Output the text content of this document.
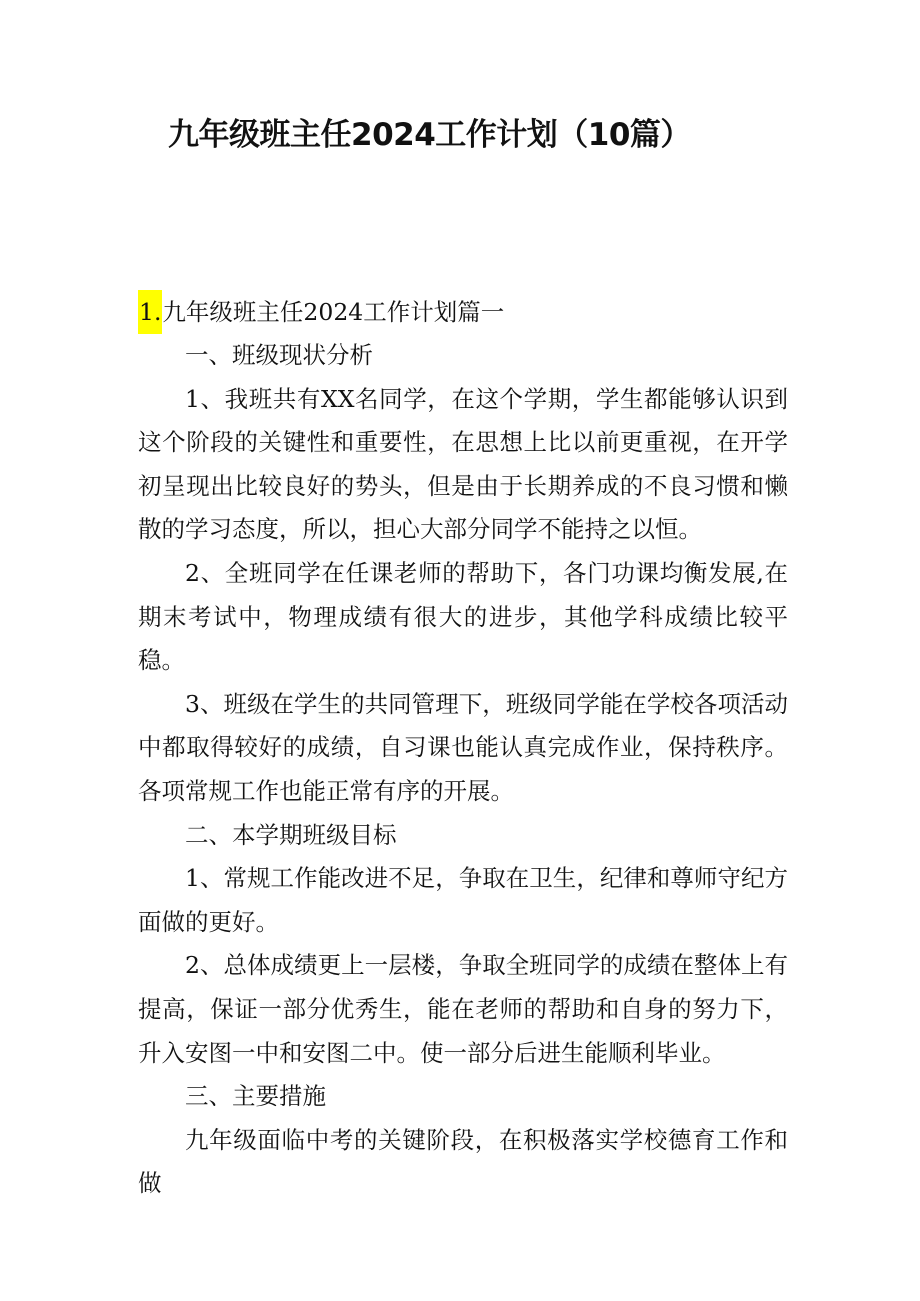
九年级班主任2024工作计划（10篇）
1.九年级班主任2024工作计划篇一

一、班级现状分析

1、我班共有XX名同学，在这个学期，学生都能够认识到这个阶段的关键性和重要性，在思想上比以前更重视，在开学初呈现出比较良好的势头，但是由于长期养成的不良习惯和懒散的学习态度，所以，担心大部分同学不能持之以恒。

2、全班同学在任课老师的帮助下，各门功课均衡发展,在期末考试中，物理成绩有很大的进步，其他学科成绩比较平稳。

3、班级在学生的共同管理下，班级同学能在学校各项活动中都取得较好的成绩，自习课也能认真完成作业，保持秩序。各项常规工作也能正常有序的开展。

二、本学期班级目标

1、常规工作能改进不足，争取在卫生，纪律和尊师守纪方面做的更好。

2、总体成绩更上一层楼，争取全班同学的成绩在整体上有提高，保证一部分优秀生，能在老师的帮助和自身的努力下，升入安图一中和安图二中。使一部分后进生能顺利毕业。

三、主要措施

九年级面临中考的关键阶段，在积极落实学校德育工作和做
